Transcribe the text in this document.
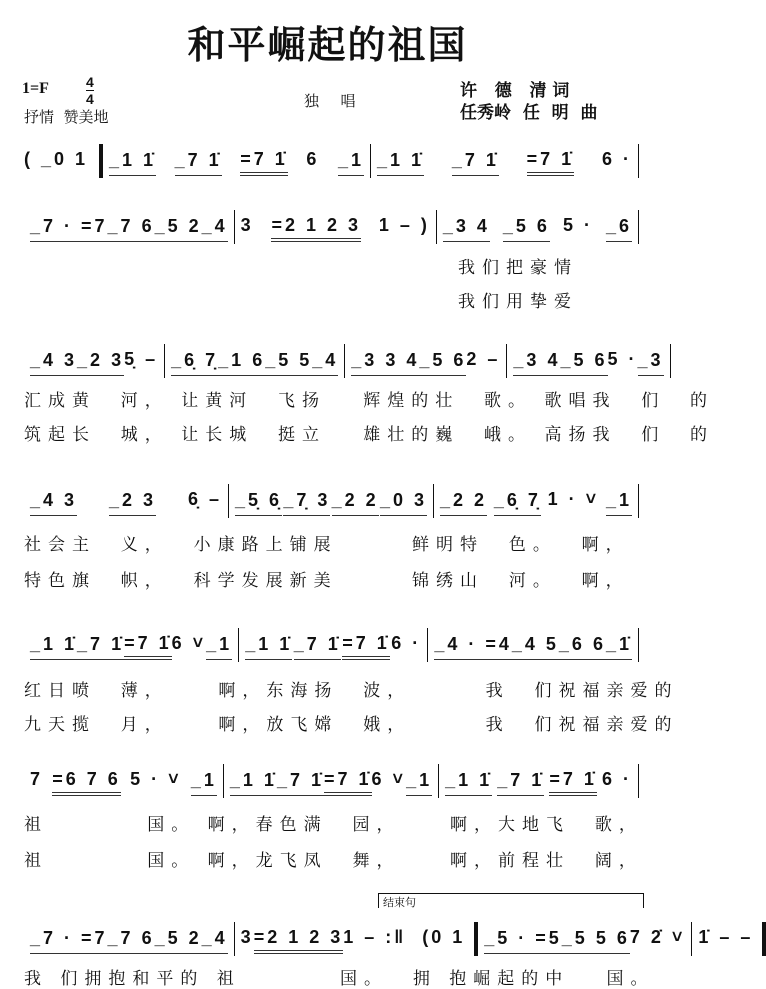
和平崛起的祖国
1=F	$\frac{4}{4}$
抒情  赞美地
独  唱	许   德   清 词
任秀岭  任  明  曲
( _0 1	_1 1̇ _7 1̇ =7 1̇ 6 _1 _1 1̇ _7 1̇ =7 1̇ 6 ·
_7 · =7 _7 6 _5 2 _4 3 =2 1 2 3 1 – ) _3 4 _5 6 5 · _6
_4 3 _2 3 5̣ – _6̣ 7̣ _1 6 _5 5 _4 _3 3 4 _5 6 2 – _3 4 _5 6 5 · _3
_4 3 _2 3 6̣ – _5̣ 6̣ _7̣ 3 _2 2 _0 3 _2 2 _6̣ 7̣ 1 · ˅ _1
_1 1̇ _7 1̇ =7 1̇ 6 ˅ _1 _1 1̇ _7 1̇ =7 1̇ 6 · _4 · =4 _4 5 _6 6 _1̇
7 =6 7 6 5 · ˅ _1 _1 1̇ _7 1̇ =7 1̇ 6 ˅ _1 _1 1̇ _7 1̇ =7 1̇ 6 ·
_7 · =7 _7 6 _5 2 _4 3 =2 1 2 3 1 – :‖  (0 1 _5 · =5 _5 5 6 7 2̇ ˅ 1̇ – –
结束句
我们把豪情
我们用挚爱
汇成黄  河， 让黄河  飞扬   辉煌的壮  歌。 歌唱我  们  的
筑起长  城， 让长城  挺立   雄壮的巍  峨。 高扬我  们  的
社会主  义，  小康路上铺展      鲜明特  色。  啊，
特色旗  帜，  科学发展新美      锦绣山  河。  啊，
红日喷  薄，    啊，东海扬  波，      我  们祝福亲爱的
九天揽  月，    啊，放飞嫦  娥，      我  们祝福亲爱的
祖        国。 啊，春色满  园，    啊，大地飞  歌，
祖        国。 啊，龙飞凤  舞，    啊，前程壮  阔，
我 们拥抱和平的 祖        国。  拥 抱崛起的中   国。
